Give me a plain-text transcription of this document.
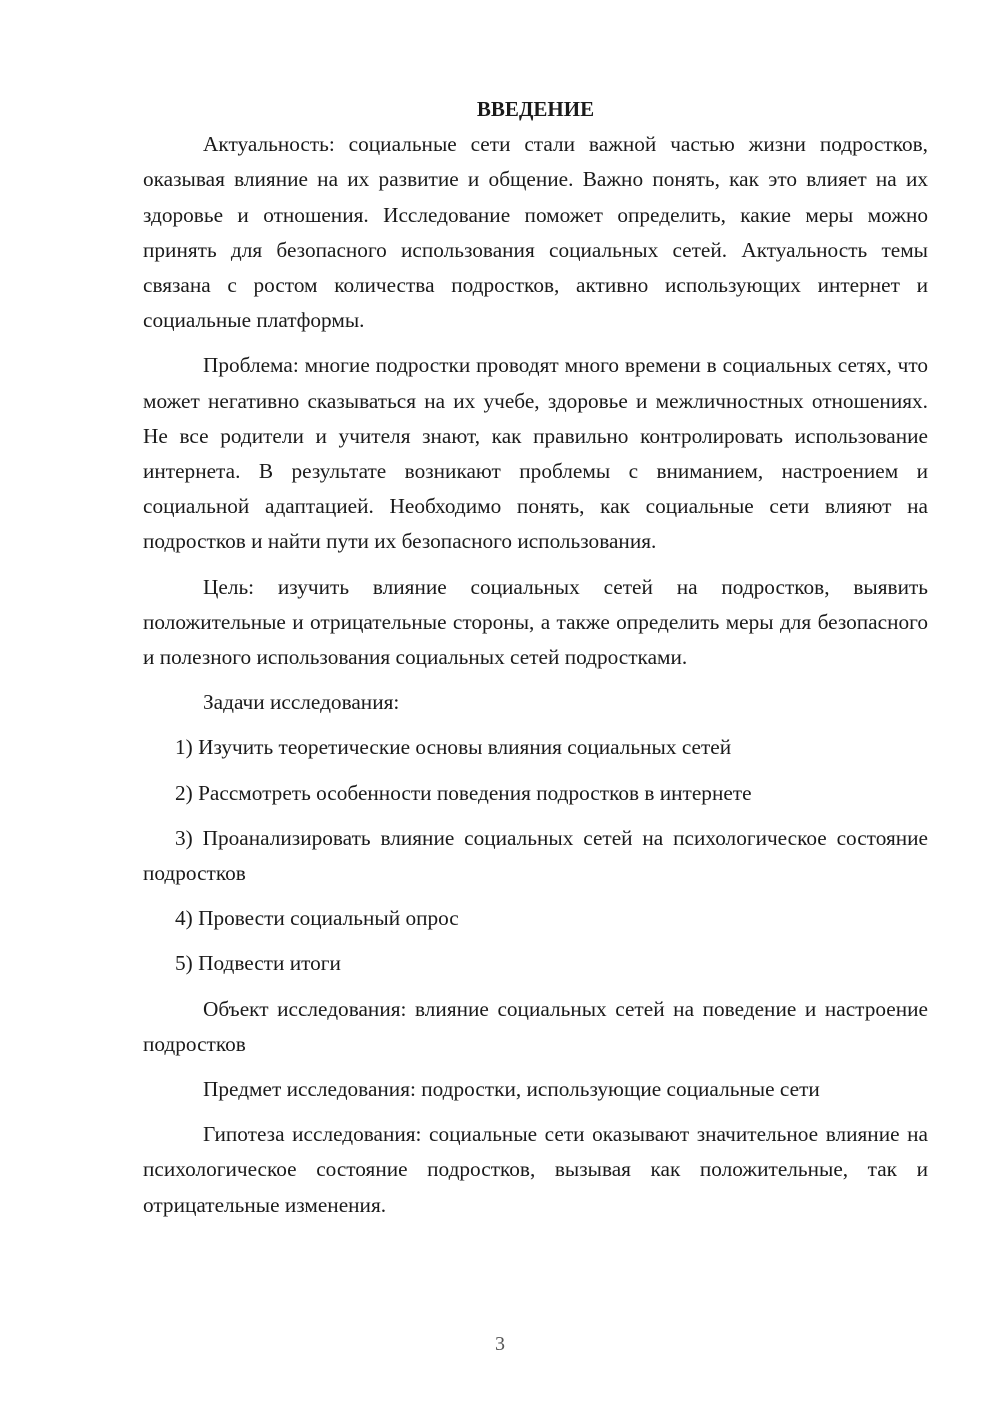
ВВЕДЕНИЕ

Актуальность: социальные сети стали важной частью жизни подростков, оказывая влияние на их развитие и общение. Важно понять, как это влияет на их здоровье и отношения. Исследование поможет определить, какие меры можно принять для безопасного использования социальных сетей. Актуальность темы связана с ростом количества подростков, активно использующих интернет и социальные платформы.

Проблема: многие подростки проводят много времени в социальных сетях, что может негативно сказываться на их учебе, здоровье и межличностных отношениях. Не все родители и учителя знают, как правильно контролировать использование интернета. В результате возникают проблемы с вниманием, настроением и социальной адаптацией. Необходимо понять, как социальные сети влияют на подростков и найти пути их безопасного использования.

Цель: изучить влияние социальных сетей на подростков, выявить положительные и отрицательные стороны, а также определить меры для безопасного и полезного использования социальных сетей подростками.

Задачи исследования:

1) Изучить теоретические основы влияния социальных сетей

2) Рассмотреть особенности поведения подростков в интернете

3) Проанализировать влияние социальных сетей на психологическое состояние подростков

4) Провести социальный опрос

5) Подвести итоги

Объект исследования: влияние социальных сетей на поведение и настроение подростков

Предмет исследования: подростки, использующие социальные сети

Гипотеза исследования: социальные сети оказывают значительное влияние на психологическое состояние подростков, вызывая как положительные, так и отрицательные изменения.

3
